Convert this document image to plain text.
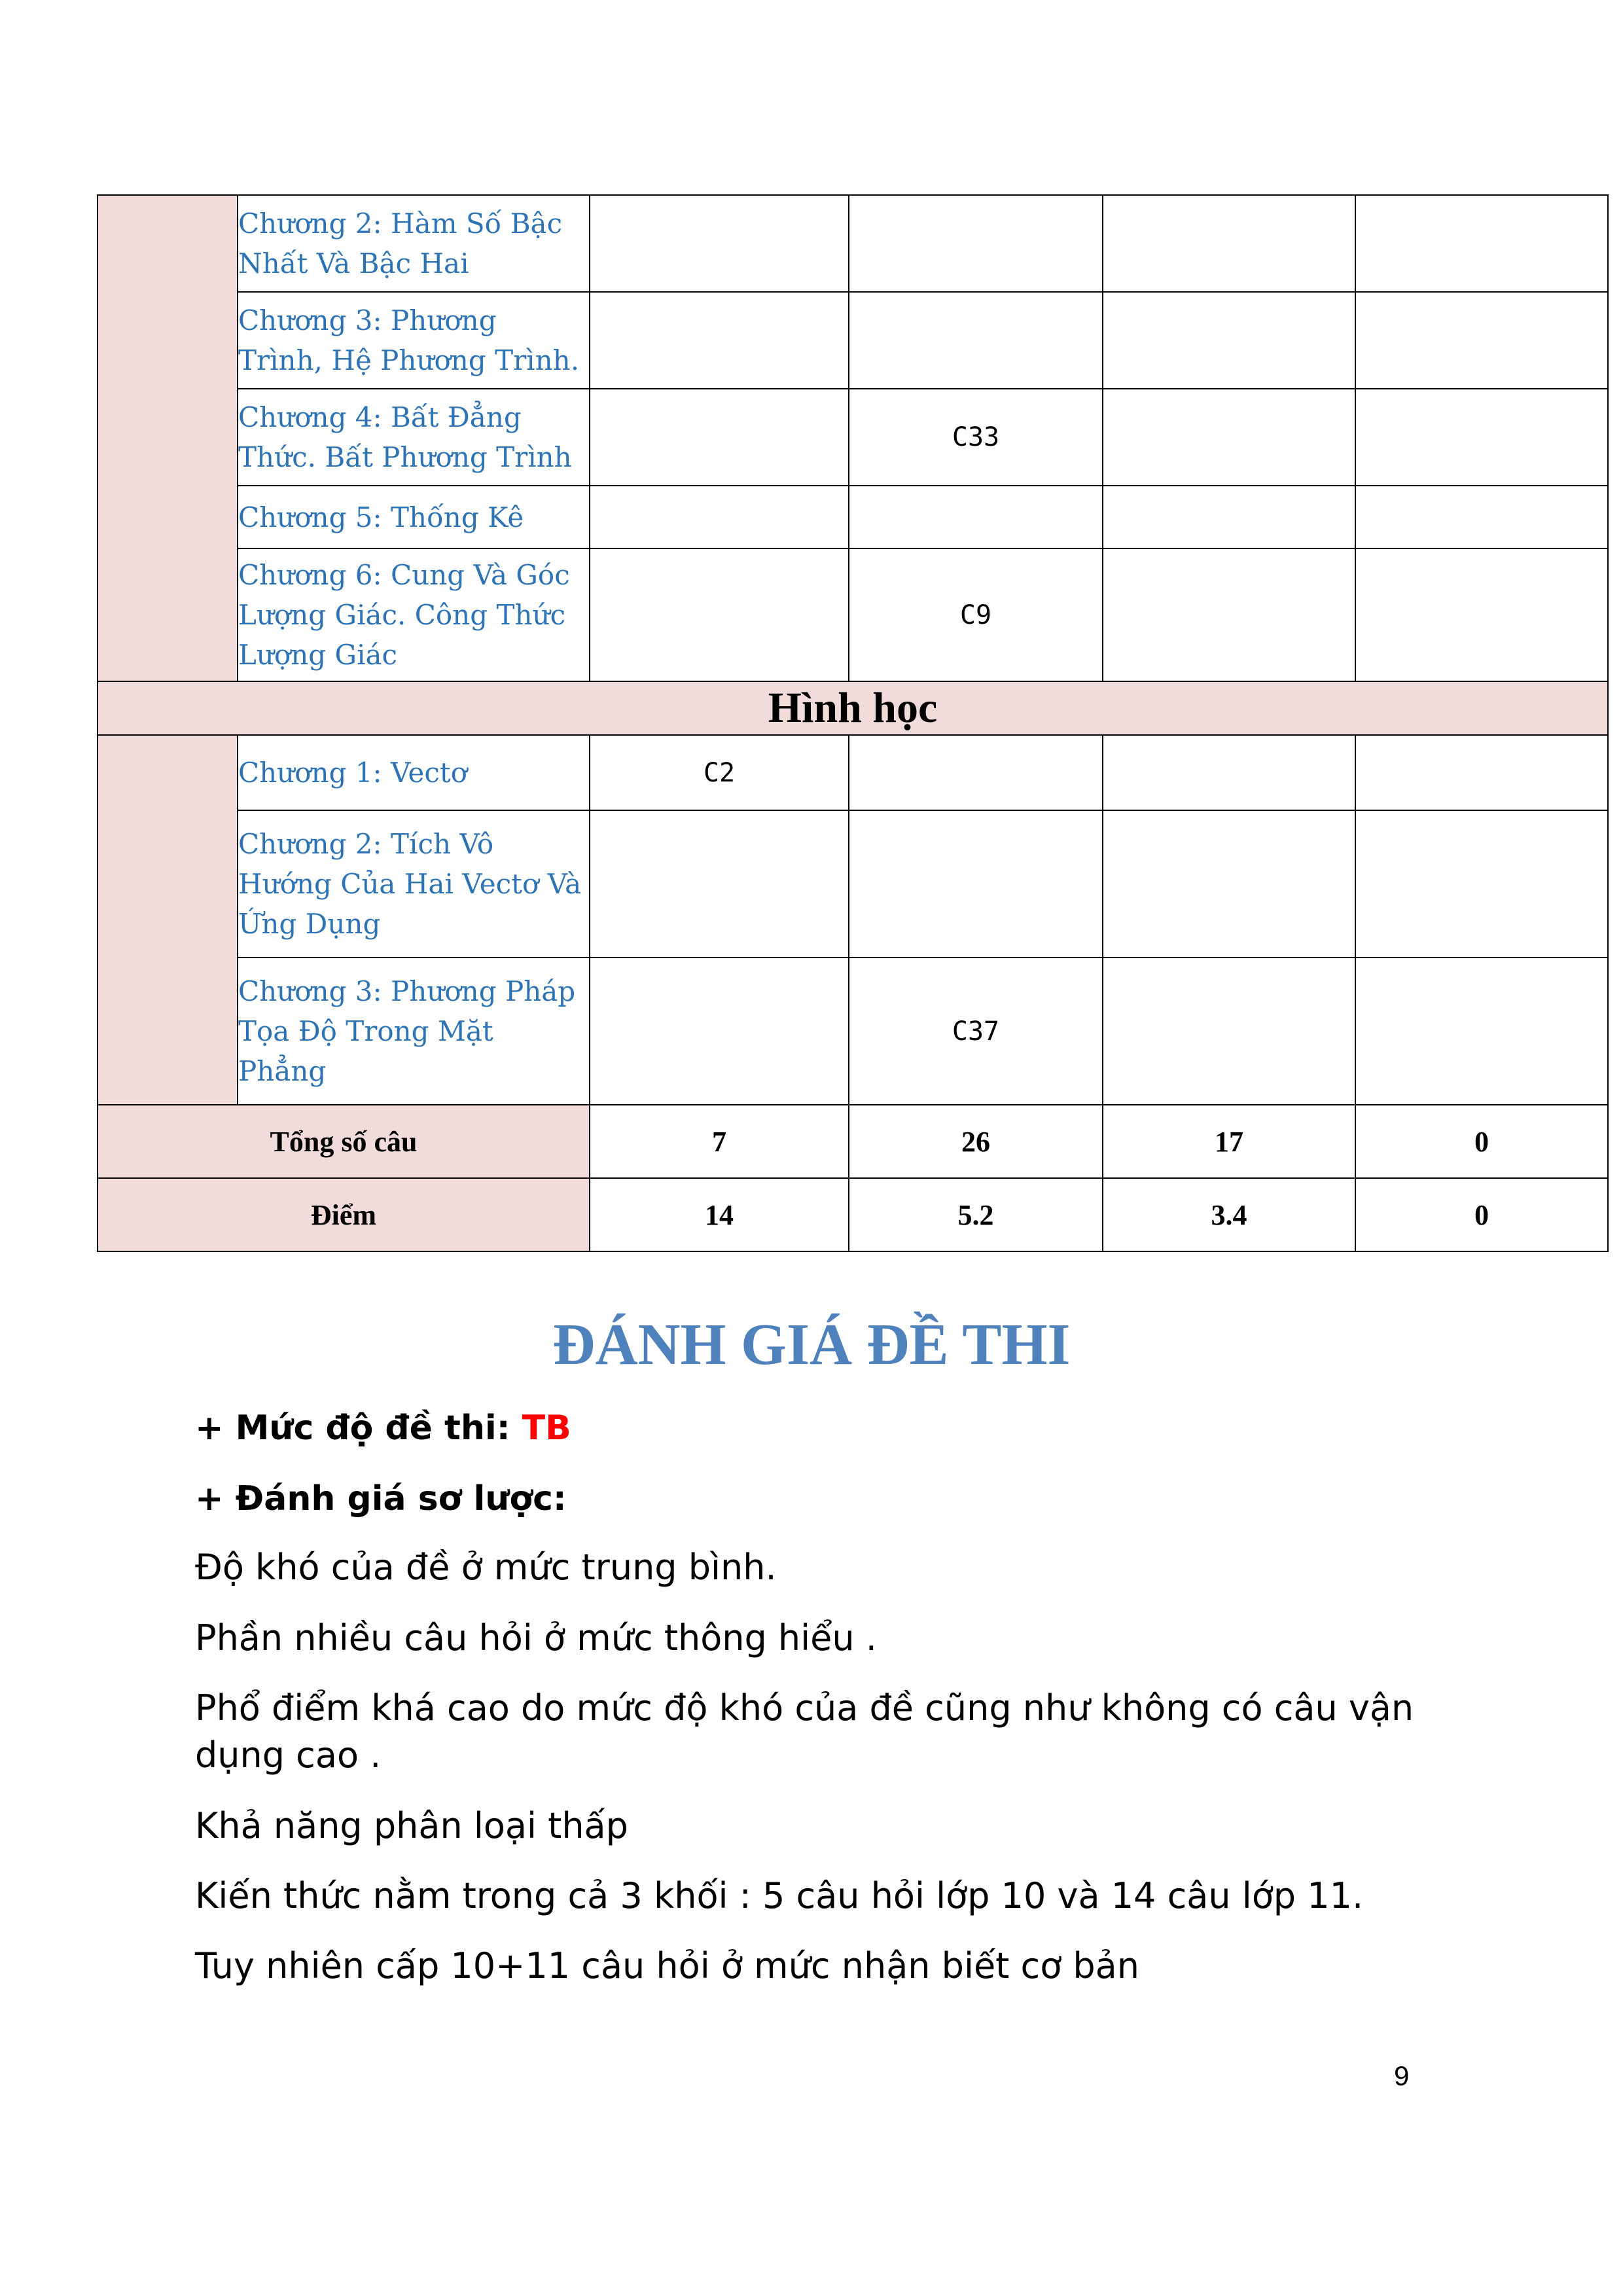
	Chương 2: Hàm Số Bậc Nhất Và Bậc Hai				
	Chương 3: Phương Trình, Hệ Phương Trình.				
	Chương 4: Bất Đẳng Thức. Bất Phương Trình		C33		
	Chương 5: Thống Kê				
	Chương 6: Cung Và Góc Lượng Giác. Công Thức Lượng Giác		C9		
Hình học					
	Chương 1: Vectơ	C2			
	Chương 2: Tích Vô Hướng Của Hai Vectơ Và Ứng Dụng				
	Chương 3: Phương Pháp Tọa Độ Trong Mặt Phẳng		C37		
Tổng số câu		7	26	17	0
Điểm		14	5.2	3.4	0
ĐÁNH GIÁ ĐỀ THI
+ Mức độ đề thi: TB
+ Đánh giá sơ lược:
Độ khó của đề ở mức trung bình.
Phần nhiều câu hỏi ở mức thông hiểu .
Phổ điểm khá cao do mức độ khó của đề cũng như không có câu vận dụng cao .
Khả năng phân loại thấp
Kiến thức nằm trong cả 3 khối : 5 câu hỏi lớp 10 và 14 câu lớp 11.
Tuy nhiên cấp 10+11 câu hỏi ở mức nhận biết cơ bản
9
